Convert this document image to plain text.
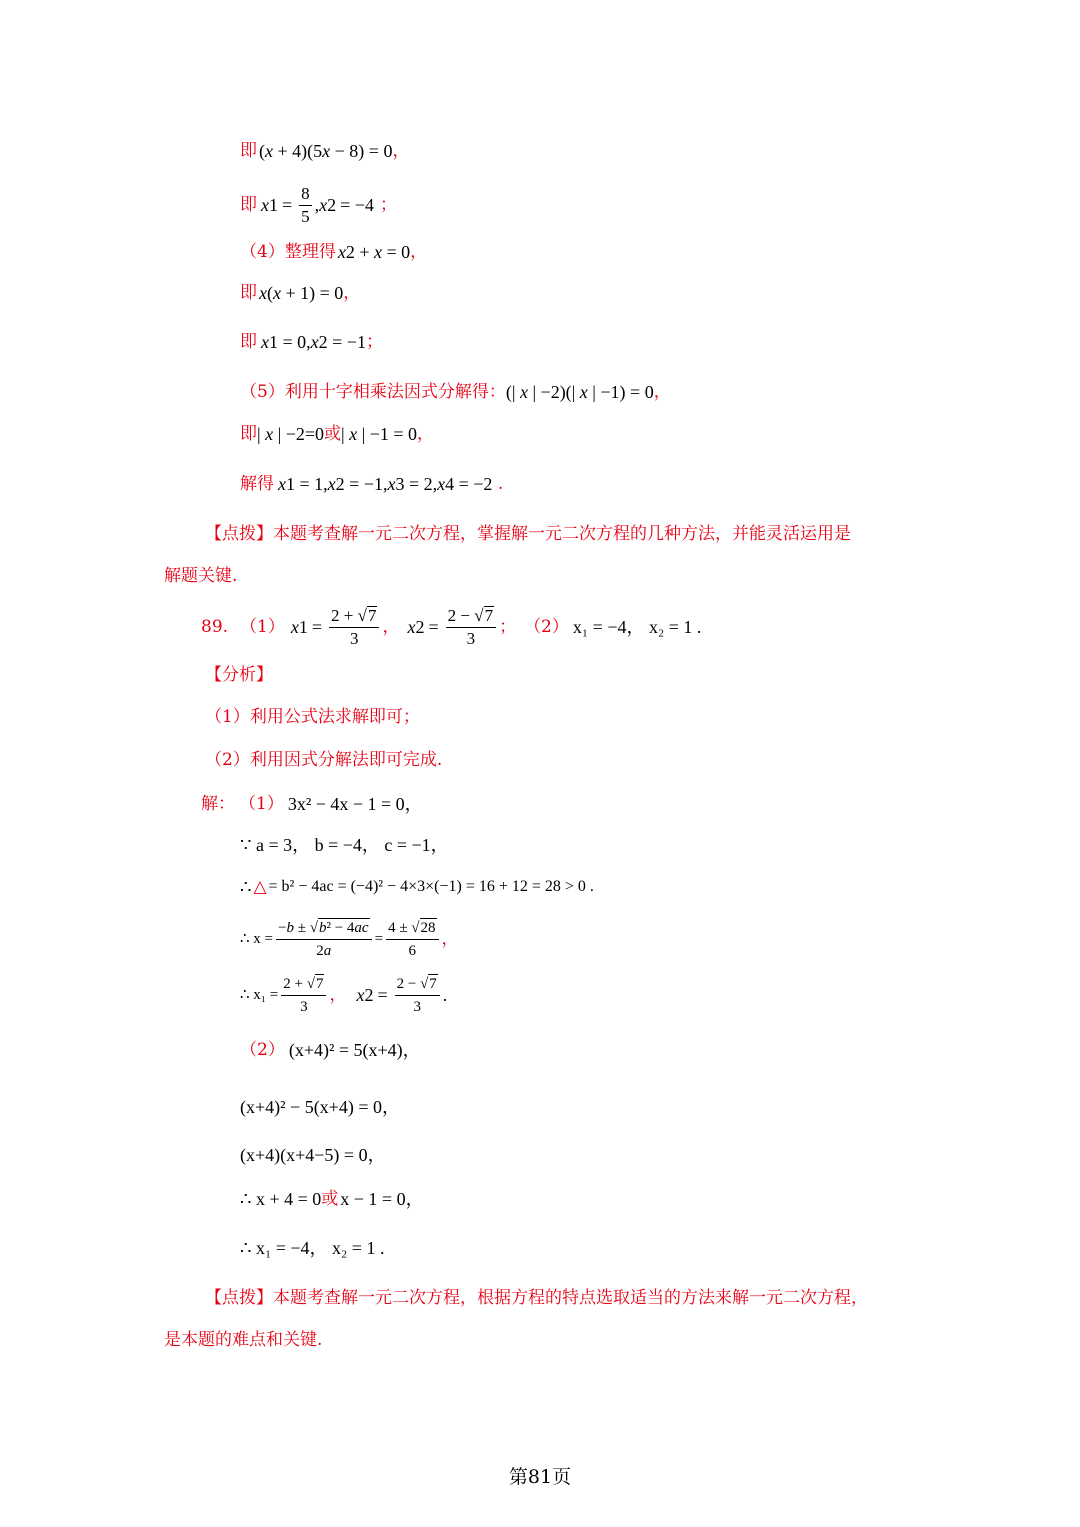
即 (x + 4)(5x − 8) = 0 ，
即 x $1 = \frac{8}{5}$ , x 2 = −4 ；
（4）整理得 x 2 + x = 0 ，
即 x(x + 1) = 0 ，
即 x 1 = 0, x 2 = −1 ；
（5）利用十字相乘法因式分解得： (| x | −2)(| x | −1) = 0 ，
即 | x | −2=0 或 | x | −1 = 0 ，
解得 x 1 = 1, x 2 = −1, x 3 = 2, x 4 = −2 .
【点拨】 本题考查解一元二次方程，掌握解一元二次方程的几种方法，并能灵活运用是
解题关键.
89. （1） x $1 = \frac{2 + √ 7}{3}$ ， x $2 = \frac{2 - √ 7}{3}$ ； （2） x₁ = −4， x₂ = 1 .
【分析】
（1）利用公式法求解即可；
（2）利用因式分解法即可完成.
解： （1） 3x² − 4x − 1 = 0，
∵ a = 3， b = −4， c = −1，
∴ △ = b² − 4ac = (−4)² − 4×3×(−1) = 16 + 12 = 28 > 0 .
∴ $x = \frac{\text{−b ± √ b² − 4ac}}{2a} = \frac{4 \pm √ 28}{6}$ ，
∴ $x_1 = \frac{2 + √ 7}{3}$ ， x $2 = \frac{2 - √ 7}{3}$ .
（2） (x+4)² = 5(x+4)，
(x+4)² − 5(x+4) = 0，
(x+4)(x+4−5) = 0，
∴ x + 4 = 0 或 x − 1 = 0，
∴ x₁ = −4， x₂ = 1 .
【点拨】 本题考查解一元二次方程，根据方程的特点选取适当的方法来解一元二次方程，
是本题的难点和关键.
第81页
